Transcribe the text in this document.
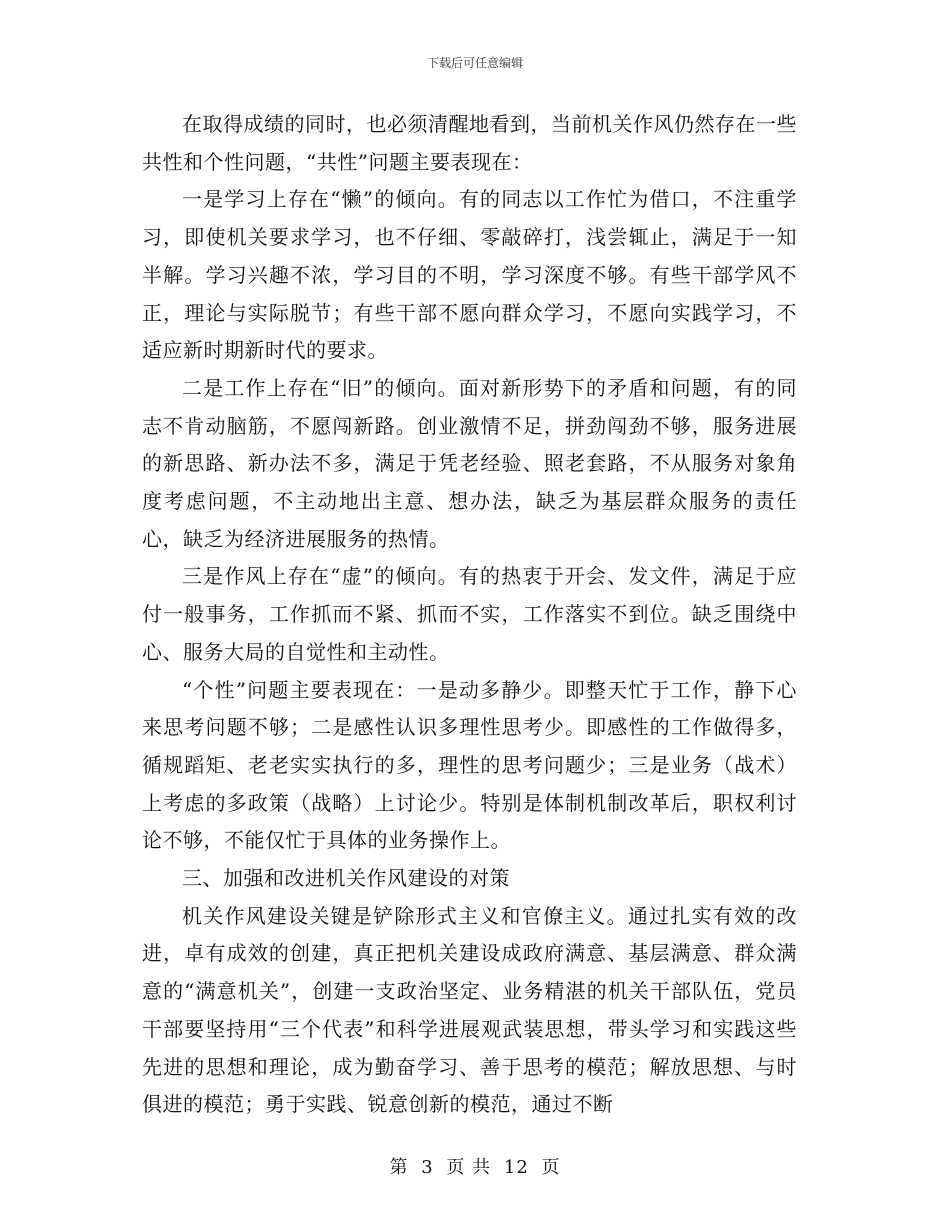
下载后可任意编辑

在取得成绩的同时，也必须清醒地看到，当前机关作风仍然存在一些共性和个性问题，“共性”问题主要表现在：

一是学习上存在“懒”的倾向。有的同志以工作忙为借口，不注重学习，即使机关要求学习，也不仔细、零敲碎打，浅尝辄止，满足于一知半解。学习兴趣不浓，学习目的不明，学习深度不够。有些干部学风不正，理论与实际脱节；有些干部不愿向群众学习，不愿向实践学习，不适应新时期新时代的要求。

二是工作上存在“旧”的倾向。面对新形势下的矛盾和问题，有的同志不肯动脑筋，不愿闯新路。创业激情不足，拼劲闯劲不够，服务进展的新思路、新办法不多，满足于凭老经验、照老套路，不从服务对象角度考虑问题，不主动地出主意、想办法，缺乏为基层群众服务的责任心，缺乏为经济进展服务的热情。

三是作风上存在“虚”的倾向。有的热衷于开会、发文件，满足于应付一般事务，工作抓而不紧、抓而不实，工作落实不到位。缺乏围绕中心、服务大局的自觉性和主动性。

“个性”问题主要表现在：一是动多静少。即整天忙于工作，静下心来思考问题不够；二是感性认识多理性思考少。即感性的工作做得多，循规蹈矩、老老实实执行的多，理性的思考问题少；三是业务（战术）上考虑的多政策（战略）上讨论少。特别是体制机制改革后，职权利讨论不够，不能仅忙于具体的业务操作上。

三、加强和改进机关作风建设的对策

机关作风建设关键是铲除形式主义和官僚主义。通过扎实有效的改进，卓有成效的创建，真正把机关建设成政府满意、基层满意、群众满意的“满意机关”，创建一支政治坚定、业务精湛的机关干部队伍，党员干部要坚持用“三个代表”和科学进展观武装思想，带头学习和实践这些先进的思想和理论，成为勤奋学习、善于思考的模范；解放思想、与时俱进的模范；勇于实践、锐意创新的模范，通过不断

第 3 页 共 12 页
